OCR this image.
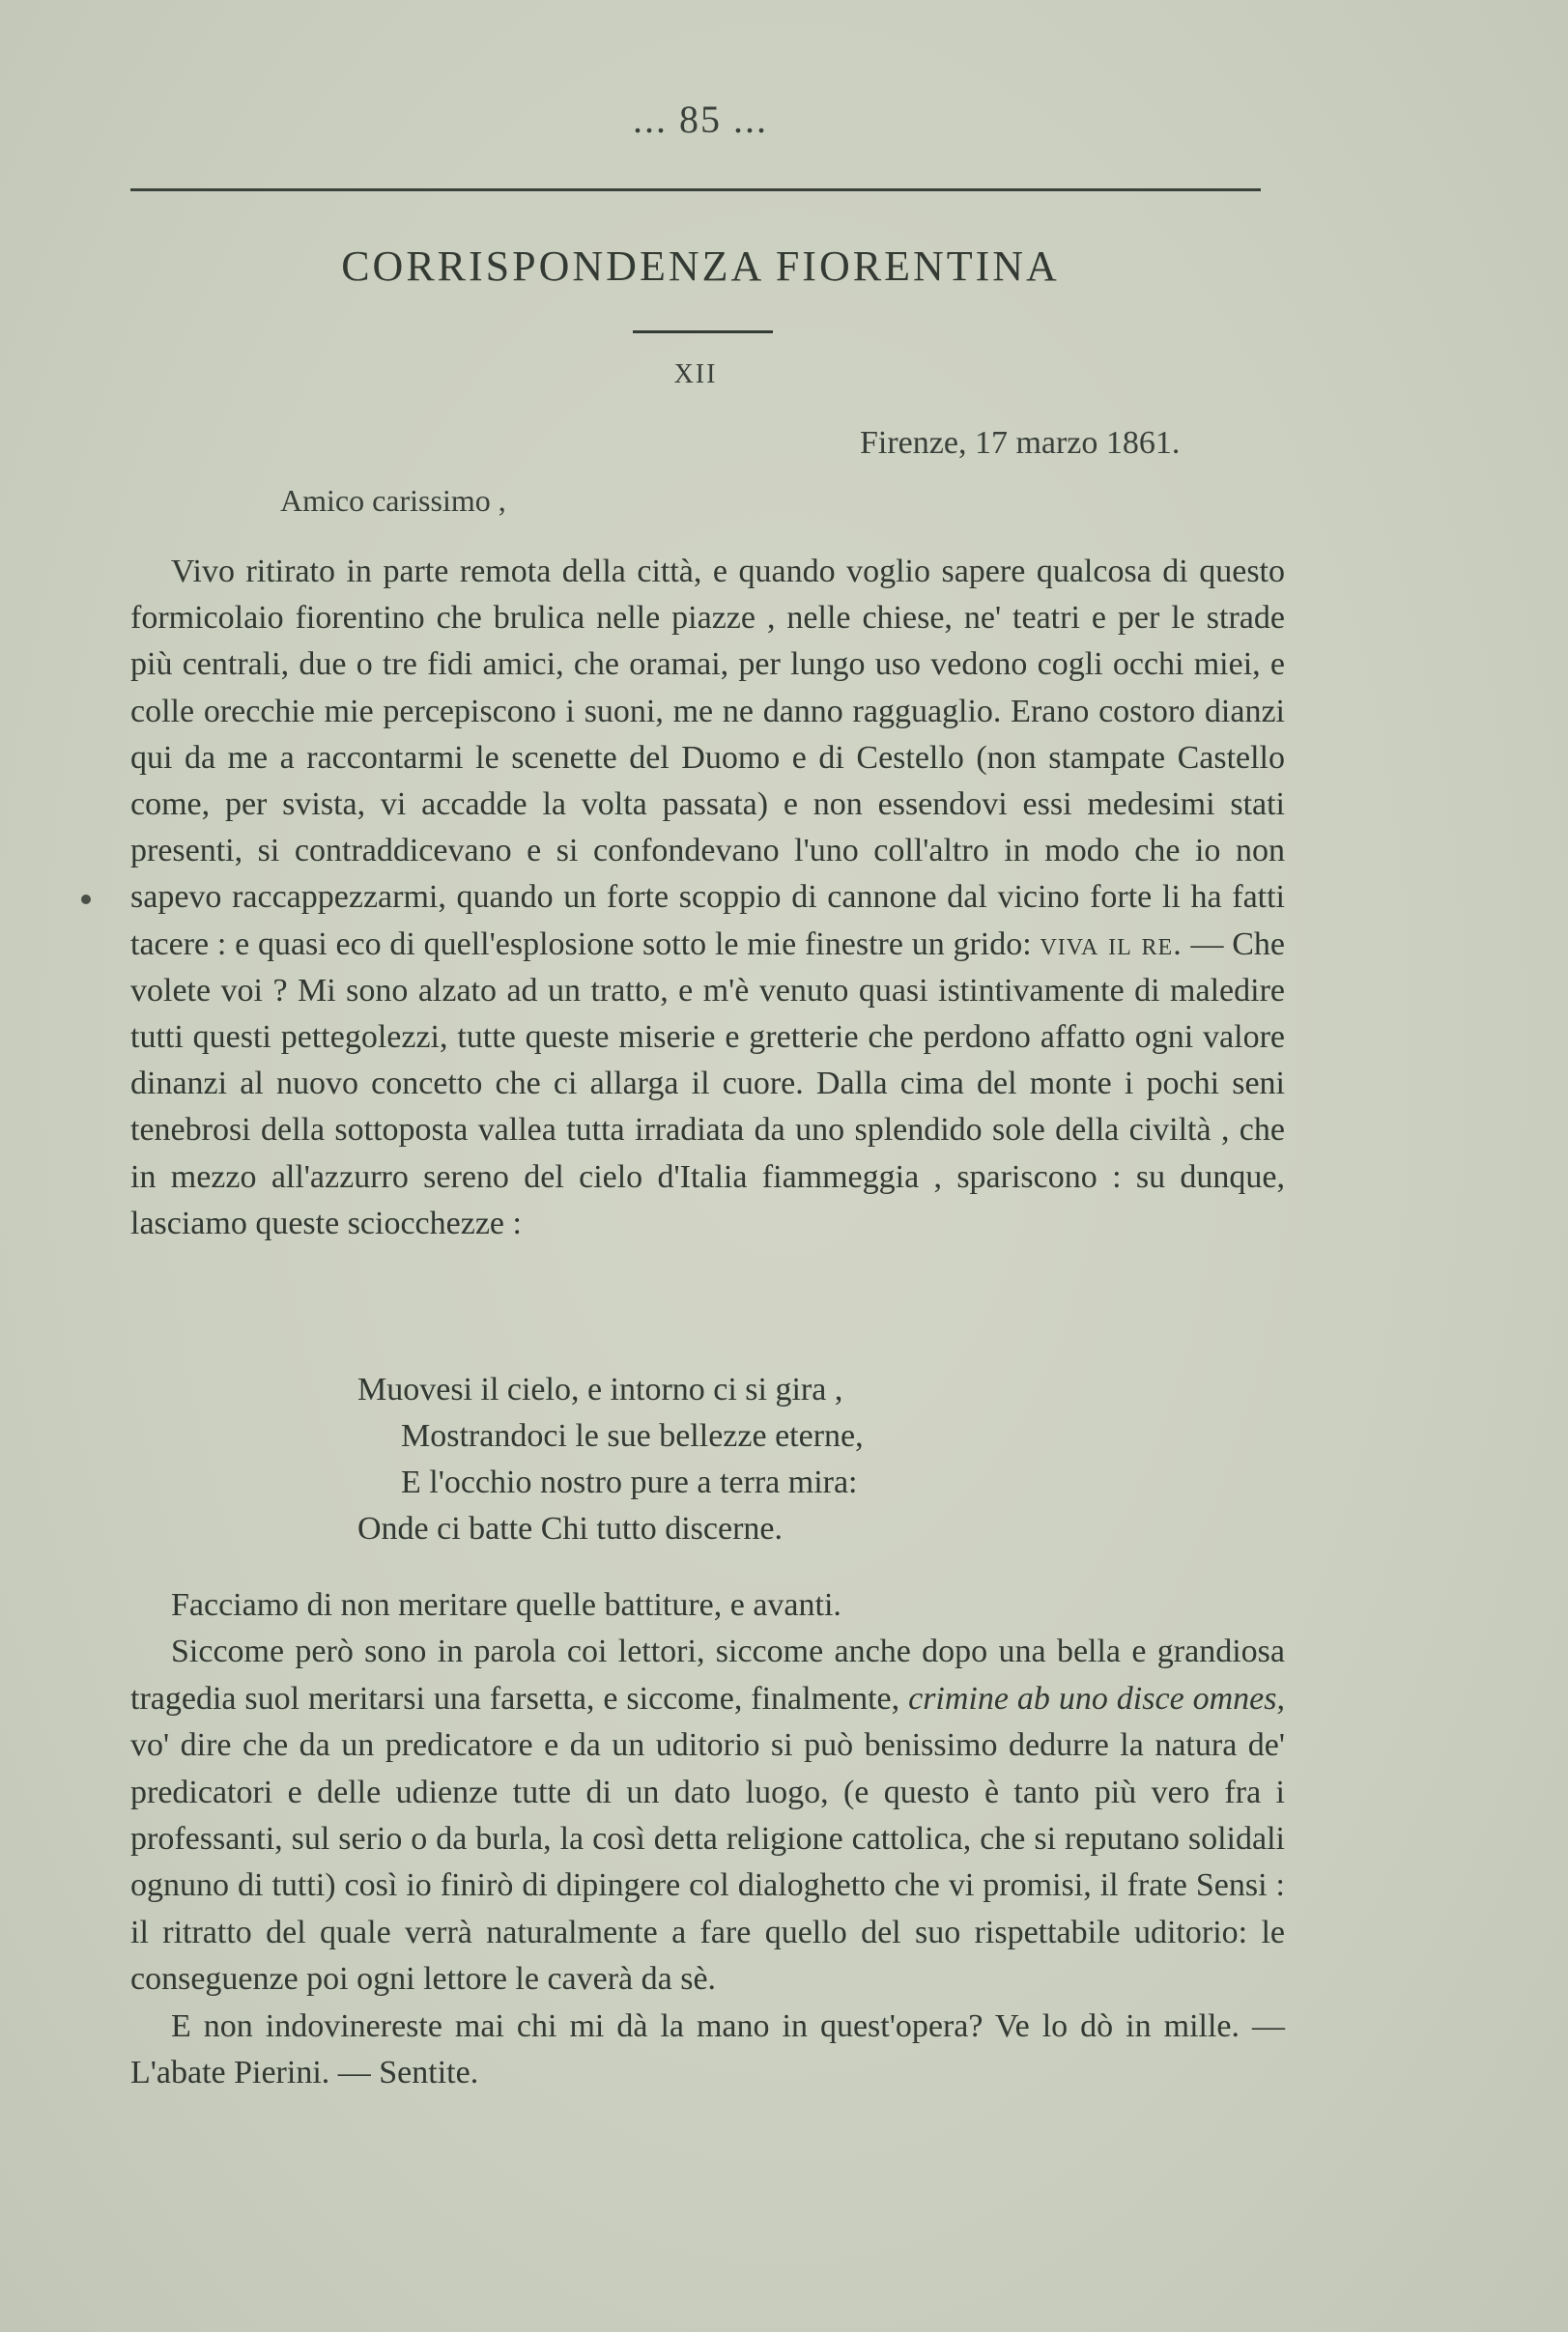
... 85 ...
CORRISPONDENZA FIORENTINA
XII
Firenze, 17 marzo 1861.
Amico carissimo ,

Vivo ritirato in parte remota della città, e quando voglio sapere qualcosa di questo formicolaio fiorentino che brulica nelle piazze , nelle chiese, ne' teatri e per le strade più centrali, due o tre fidi amici, che oramai, per lungo uso vedono cogli occhi miei, e colle orecchie mie percepiscono i suoni, me ne danno ragguaglio. Erano costoro dianzi qui da me a raccontarmi le scenette del Duomo e di Cestello (non stampate Castello come, per svista, vi accadde la volta passata) e non essendovi essi medesimi stati presenti, si contraddicevano e si confondevano l'uno coll'altro in modo che io non sapevo raccappezzarmi, quando un forte scoppio di cannone dal vicino forte li ha fatti tacere : e quasi eco di quell'esplosione sotto le mie finestre un grido: viva il re. — Che volete voi ? Mi sono alzato ad un tratto, e m'è venuto quasi istintivamente di maledire tutti questi pettegolezzi, tutte queste miserie e gretterie che perdono affatto ogni valore dinanzi al nuovo concetto che ci allarga il cuore. Dalla cima del monte i pochi seni tenebrosi della sottoposta vallea tutta irradiata da uno splendido sole della civiltà , che in mezzo all'azzurro sereno del cielo d'Italia fiammeggia , spariscono : su dunque, lasciamo queste sciocchezze :

Muovesi il cielo, e intorno ci si gira ,
Mostrandoci le sue bellezze eterne,
E l'occhio nostro pure a terra mira:
Onde ci batte Chi tutto discerne.

Facciamo di non meritare quelle battiture, e avanti.

Siccome però sono in parola coi lettori, siccome anche dopo una bella e grandiosa tragedia suol meritarsi una farsetta, e siccome, finalmente, crimine ab uno disce omnes, vo' dire che da un predicatore e da un uditorio si può benissimo dedurre la natura de' predicatori e delle udienze tutte di un dato luogo, (e questo è tanto più vero fra i professanti, sul serio o da burla, la così detta religione cattolica, che si reputano solidali ognuno di tutti) così io finirò di dipingere col dialoghetto che vi promisi, il frate Sensi : il ritratto del quale verrà naturalmente a fare quello del suo rispettabile uditorio: le conseguenze poi ogni lettore le caverà da sè.

E non indovinereste mai chi mi dà la mano in quest'opera? Ve lo dò in mille. — L'abate Pierini. — Sentite.
